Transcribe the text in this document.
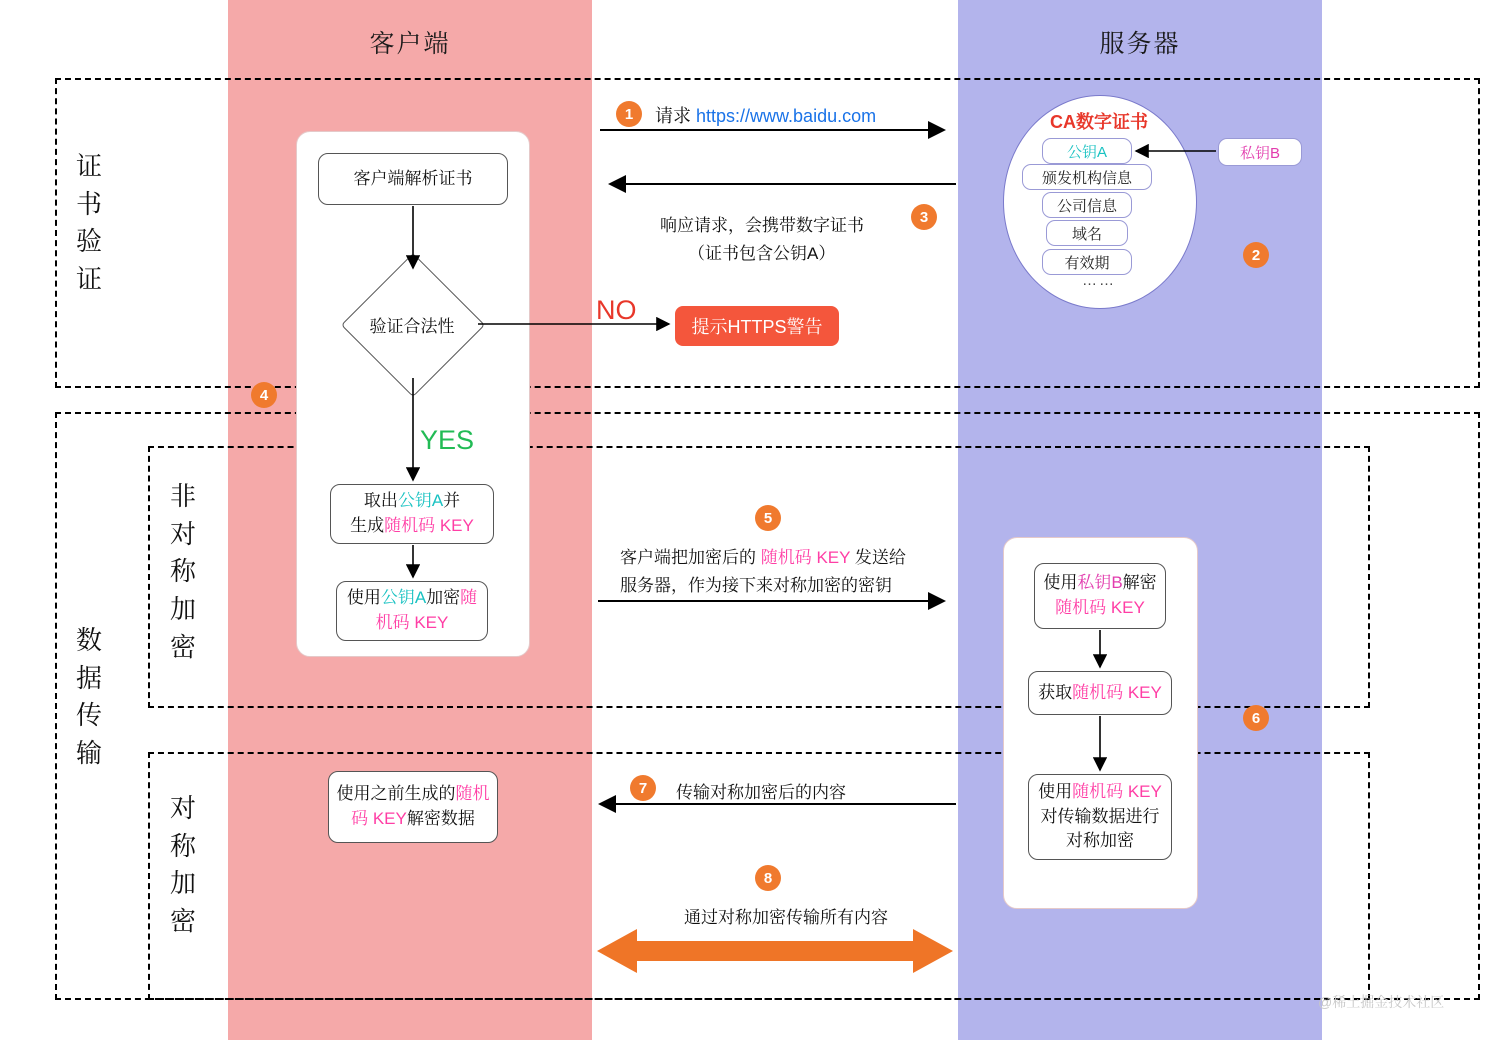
客户端	服务器
证
书
验
证
数
据
传
输
非
对
称
加
密
对
称
加
密
客户端解析证书
验证合法性	提示HTTPS警告
取出公钥A并
生成随机码 KEY
使用公钥A加密随
机码 KEY
使用之前生成的随机
码 KEY解密数据
CA数字证书
公钥A
颁发机构信息
公司信息
域名
有效期
……
私钥B
使用私钥B解密
随机码 KEY
获取随机码 KEY
使用随机码 KEY
对传输数据进行
对称加密
1
2
3
4
5
6
7
8
请求 https://www.baidu.com
响应请求，会携带数字证书
（证书包含公钥A）
NO
YES
客户端把加密后的 随机码 KEY 发送给
服务器，作为接下来对称加密的密钥
传输对称加密后的内容
通过对称加密传输所有内容
@稀土掘金技术社区
